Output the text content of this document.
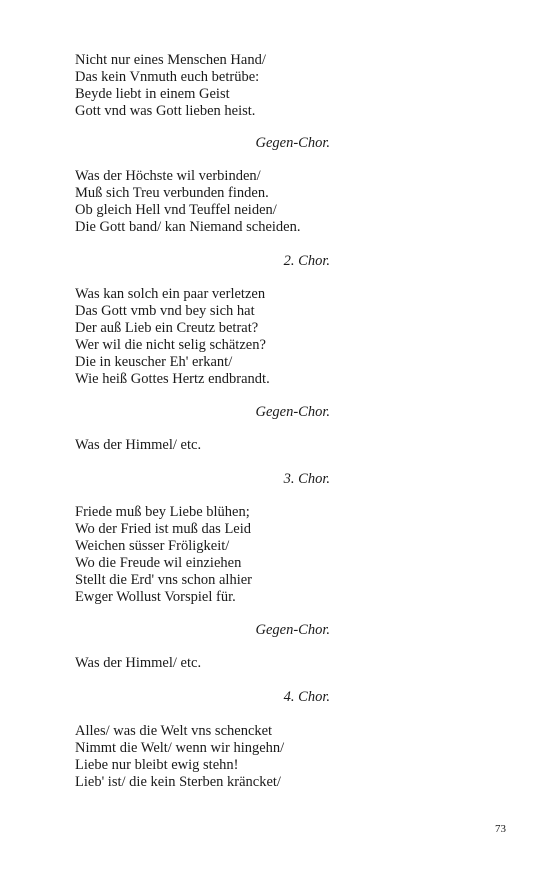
Nicht nur eines Menschen Hand/
Das kein Vnmuth euch betrübe:
Beyde liebt in einem Geist
Gott vnd was Gott lieben heist.
Gegen-Chor.
Was der Höchste wil verbinden/
Muß sich Treu verbunden finden.
Ob gleich Hell vnd Teuffel neiden/
Die Gott band/ kan Niemand scheiden.
2. Chor.
Was kan solch ein paar verletzen
Das Gott vmb vnd bey sich hat
Der auß Lieb ein Creutz betrat?
Wer wil die nicht selig schätzen?
Die in keuscher Eh' erkant/
Wie heiß Gottes Hertz endbrandt.
Gegen-Chor.
Was der Himmel/ etc.
3. Chor.
Friede muß bey Liebe blühen;
Wo der Fried ist muß das Leid
Weichen süsser Fröligkeit/
Wo die Freude wil einziehen
Stellt die Erd' vns schon alhier
Ewger Wollust Vorspiel für.
Gegen-Chor.
Was der Himmel/ etc.
4. Chor.
Alles/ was die Welt vns schencket
Nimmt die Welt/ wenn wir hingehn/
Liebe nur bleibt ewig stehn!
Lieb' ist/ die kein Sterben kräncket/
73
